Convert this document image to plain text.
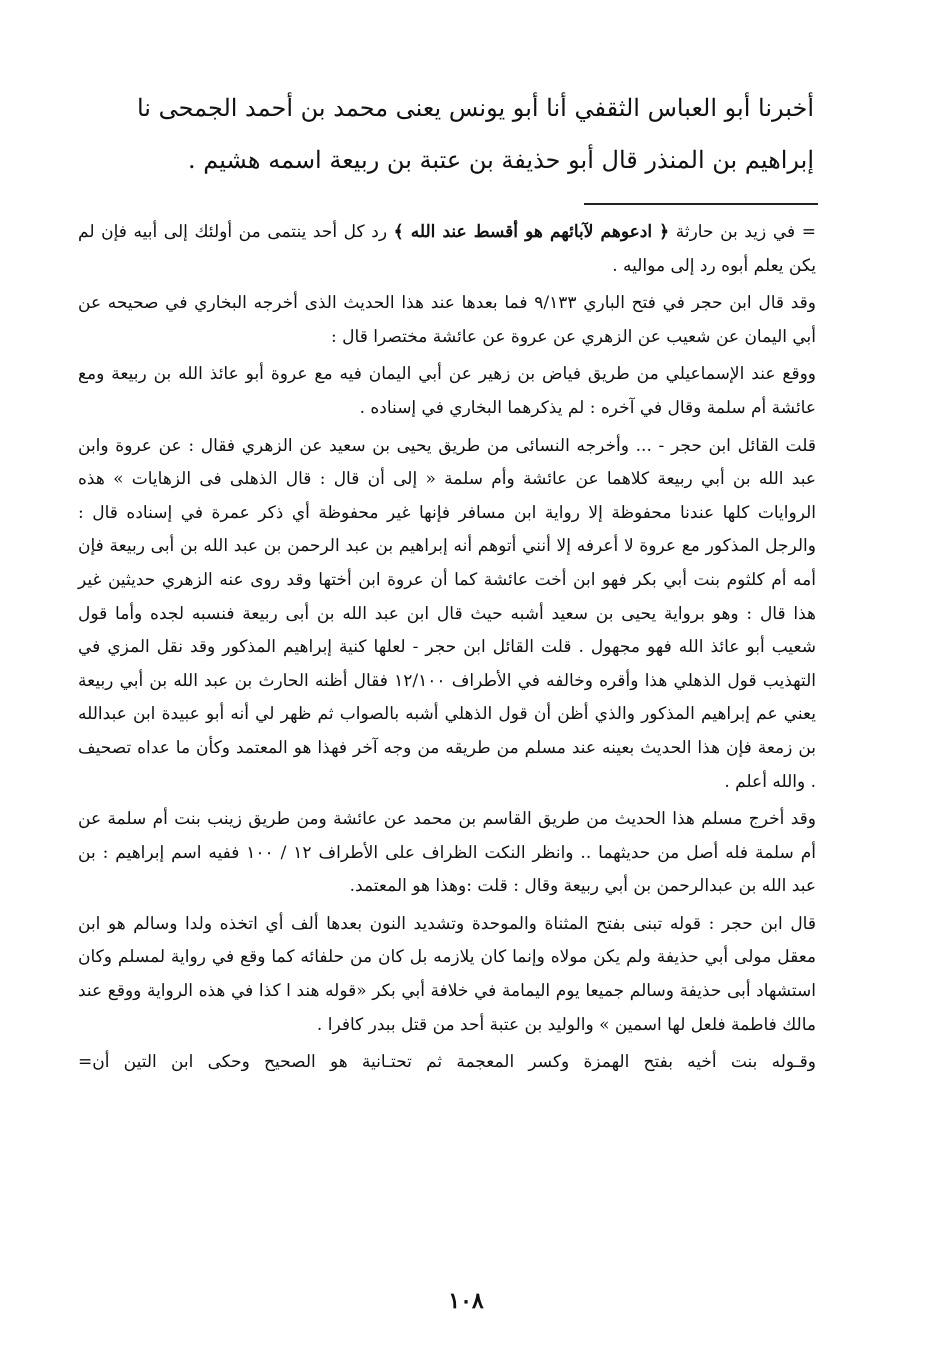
أخبرنا أبو العباس الثقفي أنا أبو يونس يعنى محمد بن أحمد الجمحى نا

إبراهيم بن المنذر قال أبو حذيفة بن عتبة بن ربيعة اسمه هشيم .

= في زيد بن حارثة ﴿ ادعوهم لآبائهم هو أقسط عند الله ﴾ رد كل أحد ينتمى من أولئك إلى أبيه فإن لم يكن يعلم أبوه رد إلى مواليه .

وقد قال ابن حجر في فتح الباري ٩/١٣٣ فما بعدها عند هذا الحديث الذى أخرجه البخاري في صحيحه عن أبي اليمان عن شعيب عن الزهري عن عروة عن عائشة مختصرا قال :

ووقع عند الإسماعيلي من طريق فياض بن زهير عن أبي اليمان فيه مع عروة أبو عائذ الله بن ربيعة ومع عائشة أم سلمة وقال في آخره : لم يذكرهما البخاري في إسناده .

قلت القائل ابن حجر - ... وأخرجه النسائى من طريق يحيى بن سعيد عن الزهري فقال : عن عروة وابن عبد الله بن أبي ربيعة كلاهما عن عائشة وأم سلمة « إلى أن قال : قال الذهلى فى الزهايات » هذه الروايات كلها عندنا محفوظة إلا رواية ابن مسافر فإنها غير محفوظة أي ذكر عمرة في إسناده قال : والرجل المذكور مع عروة لا أعرفه إلا أنني أتوهم أنه إبراهيم بن عبد الرحمن بن عبد الله بن أبى ربيعة فإن أمه أم كلثوم بنت أبي بكر فهو ابن أخت عائشة كما أن عروة ابن أختها وقد روى عنه الزهري حديثين غير هذا قال : وهو برواية يحيى بن سعيد أشبه حيث قال ابن عبد الله بن أبى ربيعة فنسبه لجده وأما قول شعيب أبو عائذ الله فهو مجهول . قلت القائل ابن حجر - لعلها كنية إبراهيم المذكور وقد نقل المزي في التهذيب قول الذهلي هذا وأقره وخالفه في الأطراف ١٢/١٠٠ فقال أظنه الحارث بن عبد الله بن أبي ربيعة يعني عم إبراهيم المذكور والذي أظن أن قول الذهلي أشبه بالصواب ثم ظهر لي أنه أبو عبيدة ابن عبدالله بن زمعة فإن هذا الحديث بعينه عند مسلم من طريقه من وجه آخر فهذا هو المعتمد وكأن ما عداه تصحيف . والله أعلم .

وقد أخرج مسلم هذا الحديث من طريق القاسم بن محمد عن عائشة ومن طريق زينب بنت أم سلمة عن أم سلمة فله أصل من حديثهما .. وانظر النكت الظراف على الأطراف ١٢ / ١٠٠ ففيه اسم إبراهيم : بن عبد الله بن عبدالرحمن بن أبي ربيعة وقال : قلت :وهذا هو المعتمد.

قال ابن حجر : قوله تبنى بفتح المثناة والموحدة وتشديد النون بعدها ألف أي اتخذه ولدا وسالم هو ابن معقل مولى أبي حذيفة ولم يكن مولاه وإنما كان يلازمه بل كان من حلفائه كما وقع في رواية لمسلم وكان استشهاد أبى حذيفة وسالم جميعا يوم اليمامة في خلافة أبي بكر «قوله هند ا كذا في هذه الرواية ووقع عند مالك فاطمة فلعل لها اسمين » والوليد بن عتبة أحد من قتل ببدر كافرا .

وقـوله بنت أخيه بفتح الهمزة وكسر المعجمة ثم تحتـانية هو الصحيح وحكى ابن التين أن=

١٠٨
